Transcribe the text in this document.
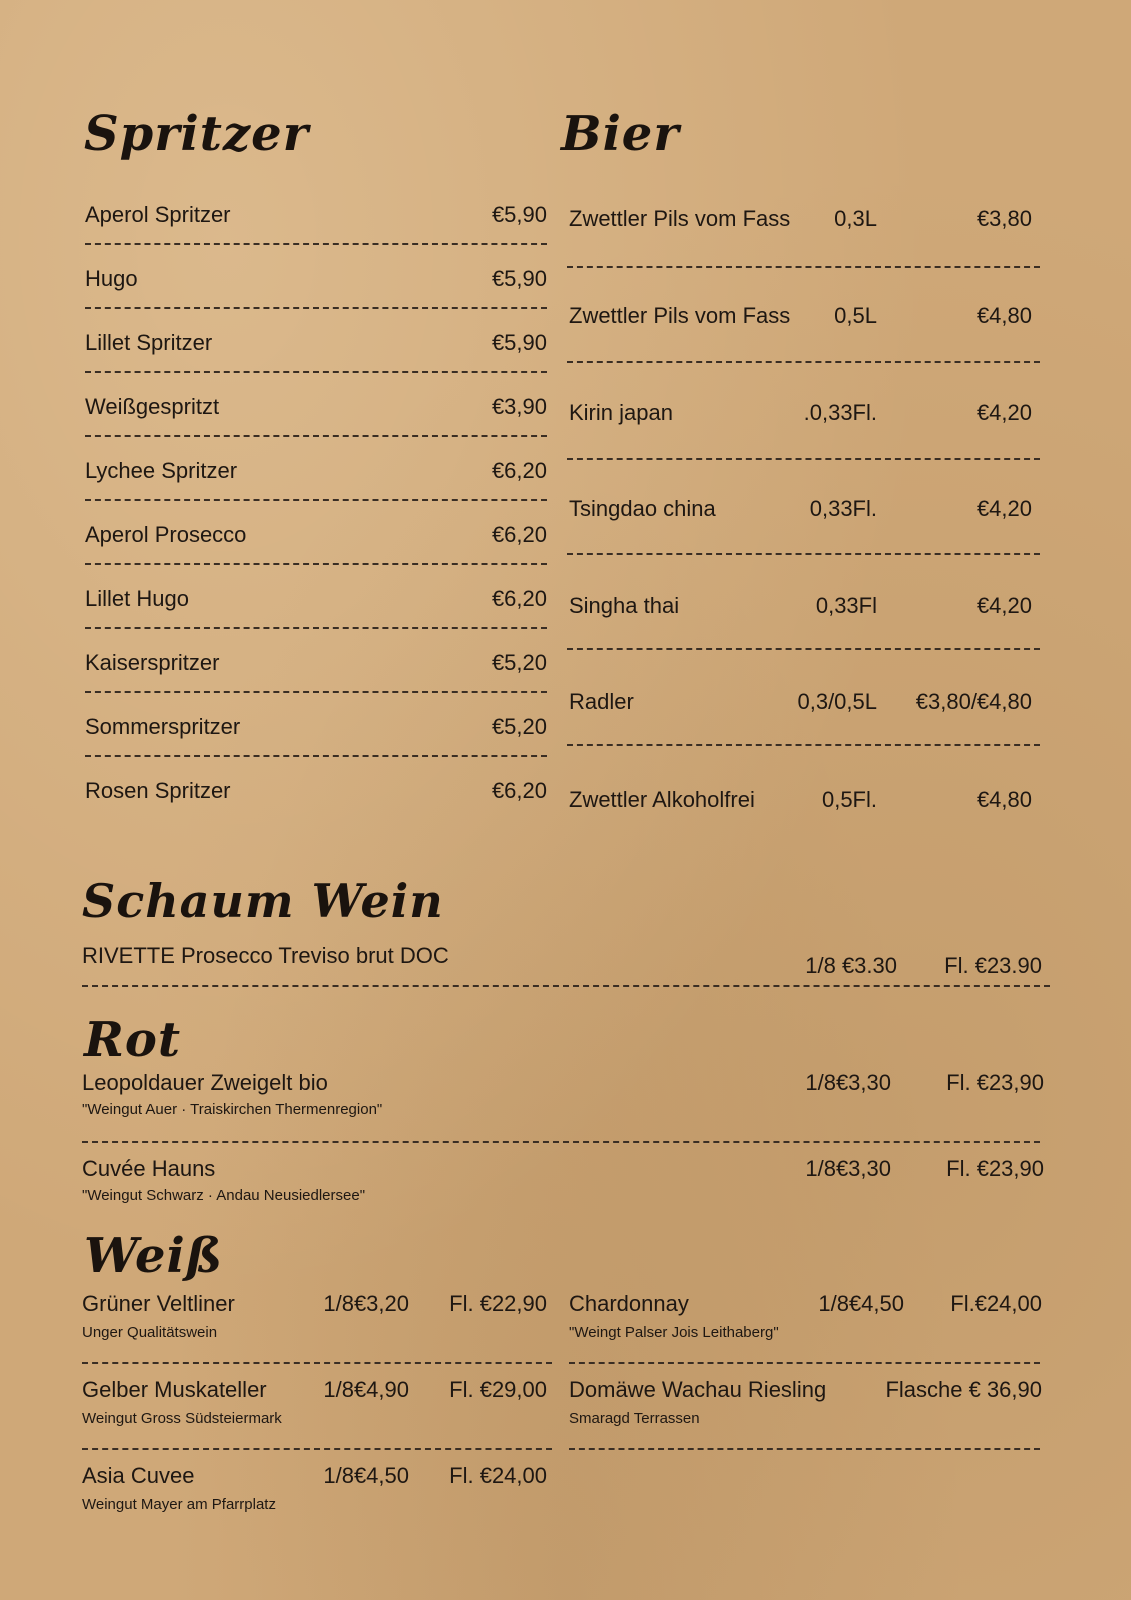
Spritzer
Aperol Spritzer	€5,90
Hugo	€5,90
Lillet Spritzer	€5,90
Weißgespritzt	€3,90
Lychee Spritzer	€6,20
Aperol Prosecco	€6,20
Lillet Hugo	€6,20
Kaiserspritzer	€5,20
Sommerspritzer	€5,20
Rosen Spritzer	€6,20
Bier
Zwettler Pils vom Fass 0,3L	€3,80
Zwettler Pils vom Fass 0,5L	€4,80
Kirin japan	.0,33Fl.	€4,20
Tsingdao china	0,33Fl.	€4,20
Singha thai	0,33Fl	€4,20
Radler	0,3/0,5L €3,80/€4,80
Zwettler Alkoholfrei	0,5Fl.	€4,80
Schaum Wein
RIVETTE Prosecco Treviso brut DOC	1/8 €3.30 Fl. €23.90
Rot
Leopoldauer Zweigelt bio	1/8€3,30	Fl. €23,90
"Weingut Auer · Traiskirchen Thermenregion"
Cuvée Hauns	1/8€3,30	Fl. €23,90
"Weingut Schwarz · Andau Neusiedlersee"
Weiß
Grüner Veltliner	1/8€3,20 Fl. €22,90
Unger Qualitätswein
Gelber Muskateller	1/8€4,90 Fl. €29,00
Weingut Gross Südsteiermark
Asia Cuvee	1/8€4,50 Fl. €24,00
Weingut Mayer am Pfarrplatz
Chardonnay	1/8€4,50 Fl.€24,00
"Weingt Palser Jois Leithaberg"
Domäwe Wachau Riesling	Flasche € 36,90
Smaragd Terrassen
